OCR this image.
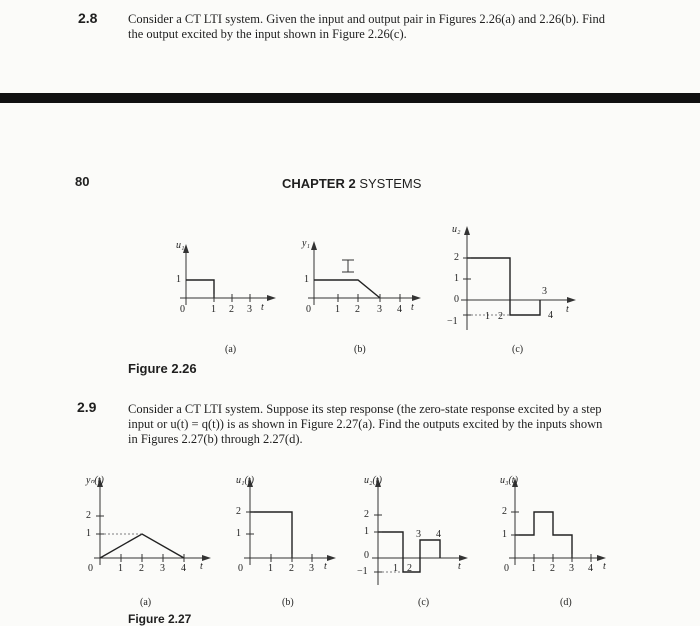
2.8 Consider a CT LTI system. Given the input and output pair in Figures 2.26(a) and 2.26(b). Find
the output excited by the input shown in Figure 2.26(c).
80	CHAPTER 2 SYSTEMS
u₁
1
0	1 2 3 t
(a)
y₁
1
0 1 2 3 4 t
(b)
u₂
2
1
0
−1	1 2
3
4
t
(c)
Figure 2.26
2.9	Consider a CT LTI system. Suppose its step response (the zero-state response excited by a step
input or u(t) = q(t)) is as shown in Figure 2.27(a). Find the outputs excited by the inputs shown
in Figures 2.27(b) through 2.27(d).
yₙ(t)
2
1
0	1 2 3 4 t
(a)
u₁(t)
2
1
0	1 2 3 t
(b)
u₂(t)
2
1
0
−1	1 2
3 4
t
(c)
u₃(t)
2
1
0 1 2 3 4 t
(d)
Figure 2.27
